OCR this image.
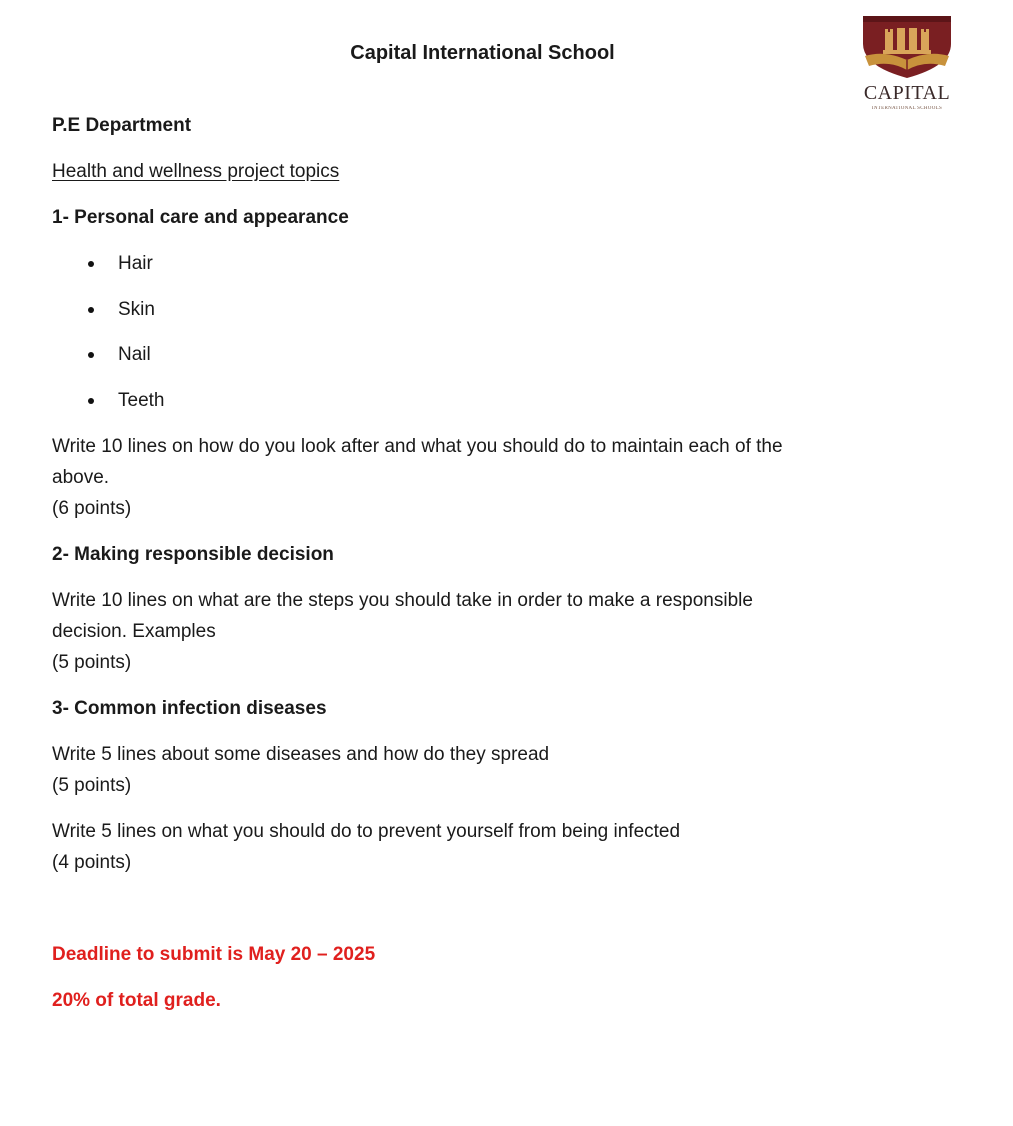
Capital International School
CAPITAL
INTERNATIONAL SCHOOLS

P.E Department

Health and wellness project topics

1- Personal care and appearance

Hair
Skin
Nail
Teeth

Write 10 lines on how do you look after and what you should do to maintain each of the

above.

(6 points)

2- Making responsible decision

Write 10 lines on what are the steps you should take in order to make a responsible

decision. Examples

(5 points)

3- Common infection diseases

Write 5 lines about some diseases and how do they spread

(5 points)

Write 5 lines on what you should do to prevent yourself from being infected

(4 points)

Deadline to submit is May 20 – 2025

20% of total grade.
